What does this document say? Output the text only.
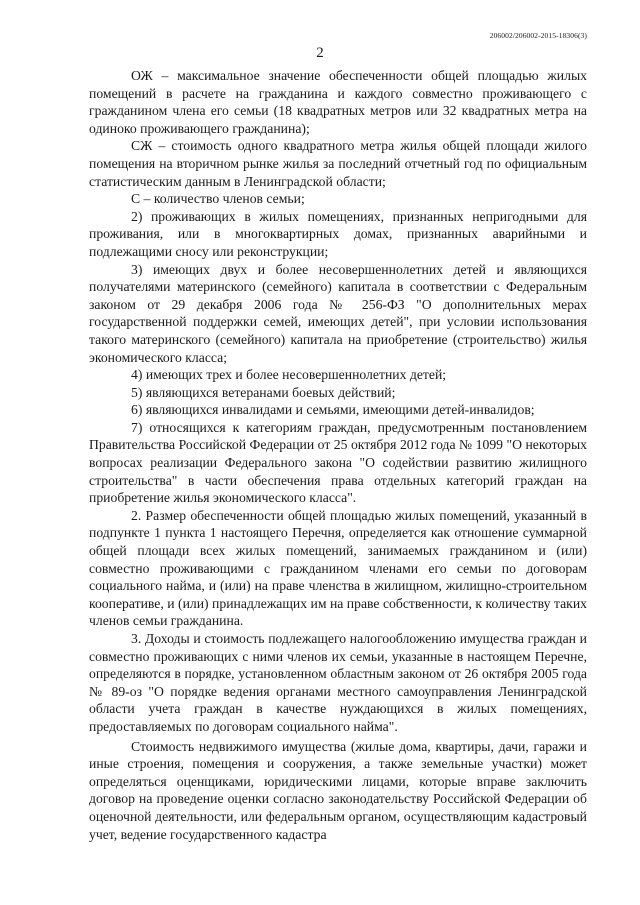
206002/206002-2015-18306(3)
2

ОЖ – максимальное значение обеспеченности общей площадью жилых помещений в расчете на гражданина и каждого совместно проживающего с гражданином члена его семьи (18 квадратных метров или 32 квадратных метра на одиноко проживающего гражданина);

СЖ – стоимость одного квадратного метра жилья общей площади жилого помещения на вторичном рынке жилья за последний отчетный год по официальным статистическим данным в Ленинградской области;

С – количество членов семьи;

2) проживающих в жилых помещениях, признанных непригодными для проживания, или в многоквартирных домах, признанных аварийными и подлежащими сносу или реконструкции;

3) имеющих двух и более несовершеннолетних детей и являющихся получателями материнского (семейного) капитала в соответствии с Федеральным законом от 29 декабря 2006 года № 256-ФЗ "О дополнительных мерах государственной поддержки семей, имеющих детей", при условии использования такого материнского (семейного) капитала на приобретение (строительство) жилья экономического класса;

4) имеющих трех и более несовершеннолетних детей;

5) являющихся ветеранами боевых действий;

6) являющихся инвалидами и семьями, имеющими детей-инвалидов;

7) относящихся к категориям граждан, предусмотренным постановлением Правительства Российской Федерации от 25 октября 2012 года № 1099 "О некоторых вопросах реализации Федерального закона "О содействии развитию жилищного строительства" в части обеспечения права отдельных категорий граждан на приобретение жилья экономического класса".

2. Размер обеспеченности общей площадью жилых помещений, указанный в подпункте 1 пункта 1 настоящего Перечня, определяется как отношение суммарной общей площади всех жилых помещений, занимаемых гражданином и (или) совместно проживающими с гражданином членами его семьи по договорам социального найма, и (или) на праве членства в жилищном, жилищно-строительном кооперативе, и (или) принадлежащих им на праве собственности, к количеству таких членов семьи гражданина.

3. Доходы и стоимость подлежащего налогообложению имущества граждан и совместно проживающих с ними членов их семьи, указанные в настоящем Перечне, определяются в порядке, установленном областным законом от 26 октября 2005 года № 89-оз "О порядке ведения органами местного самоуправления Ленинградской области учета граждан в качестве нуждающихся в жилых помещениях, предоставляемых по договорам социального найма".

Стоимость недвижимого имущества (жилые дома, квартиры, дачи, гаражи и иные строения, помещения и сооружения, а также земельные участки) может определяться оценщиками, юридическими лицами, которые вправе заключить договор на проведение оценки согласно законодательству Российской Федерации об оценочной деятельности, или федеральным органом, осуществляющим кадастровый учет, ведение государственного кадастра
